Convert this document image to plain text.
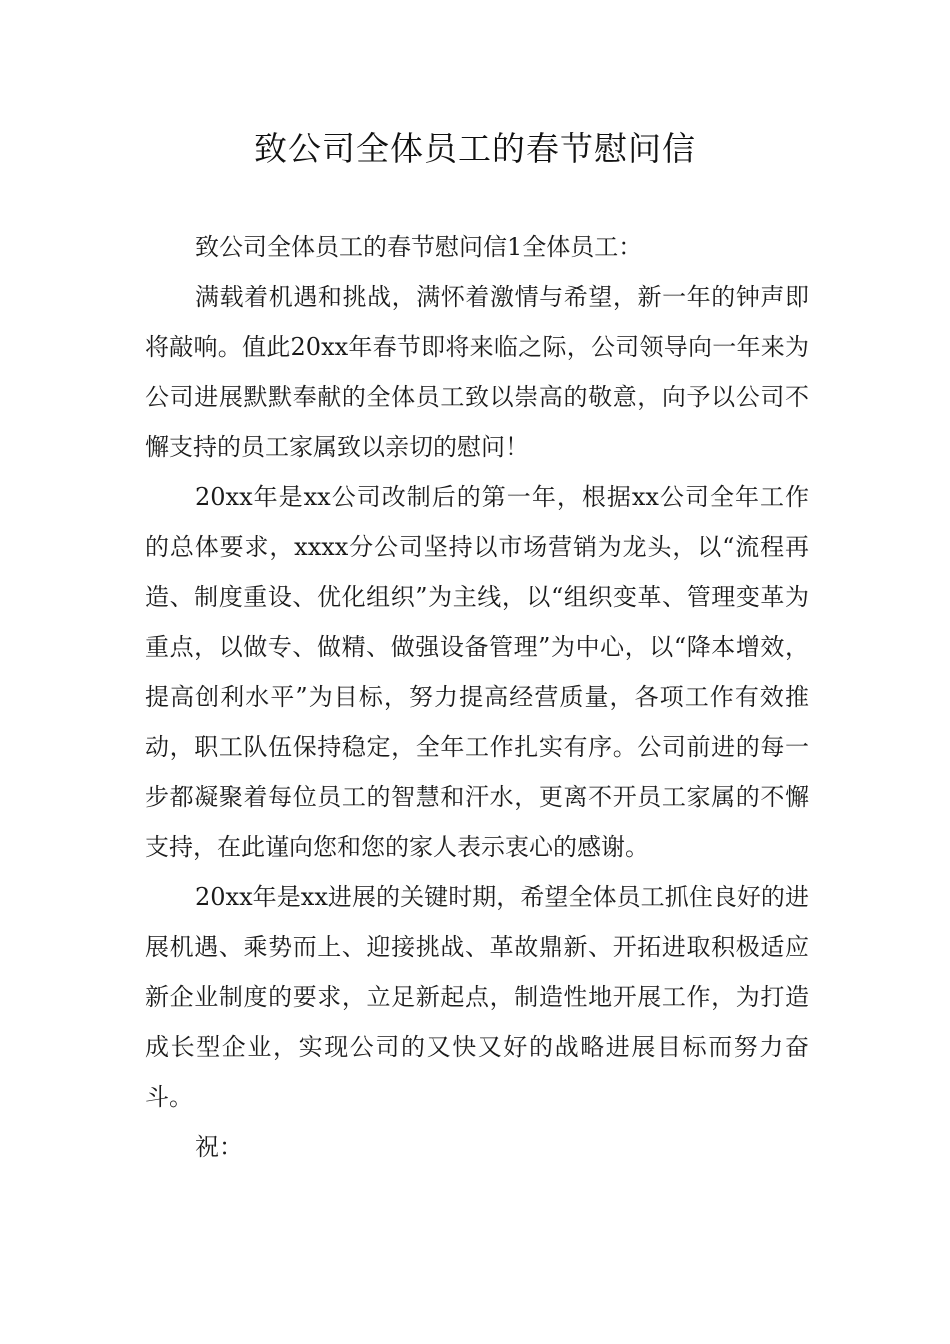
致公司全体员工的春节慰问信

致公司全体员工的春节慰问信1全体员工：

满载着机遇和挑战，满怀着激情与希望，新一年的钟声即将敲响。值此20xx年春节即将来临之际，公司领导向一年来为公司进展默默奉献的全体员工致以崇高的敬意，向予以公司不懈支持的员工家属致以亲切的慰问！

20xx年是xx公司改制后的第一年，根据xx公司全年工作的总体要求，xxxx分公司坚持以市场营销为龙头，以“流程再造、制度重设、优化组织”为主线，以“组织变革、管理变革为重点，以做专、做精、做强设备管理”为中心，以“降本增效，提高创利水平”为目标，努力提高经营质量，各项工作有效推动，职工队伍保持稳定，全年工作扎实有序。公司前进的每一步都凝聚着每位员工的智慧和汗水，更离不开员工家属的不懈支持，在此谨向您和您的家人表示衷心的感谢。

20xx年是xx进展的关键时期，希望全体员工抓住良好的进展机遇、乘势而上、迎接挑战、革故鼎新、开拓进取积极适应新企业制度的要求，立足新起点，制造性地开展工作，为打造成长型企业，实现公司的又快又好的战略进展目标而努力奋斗。

祝：
